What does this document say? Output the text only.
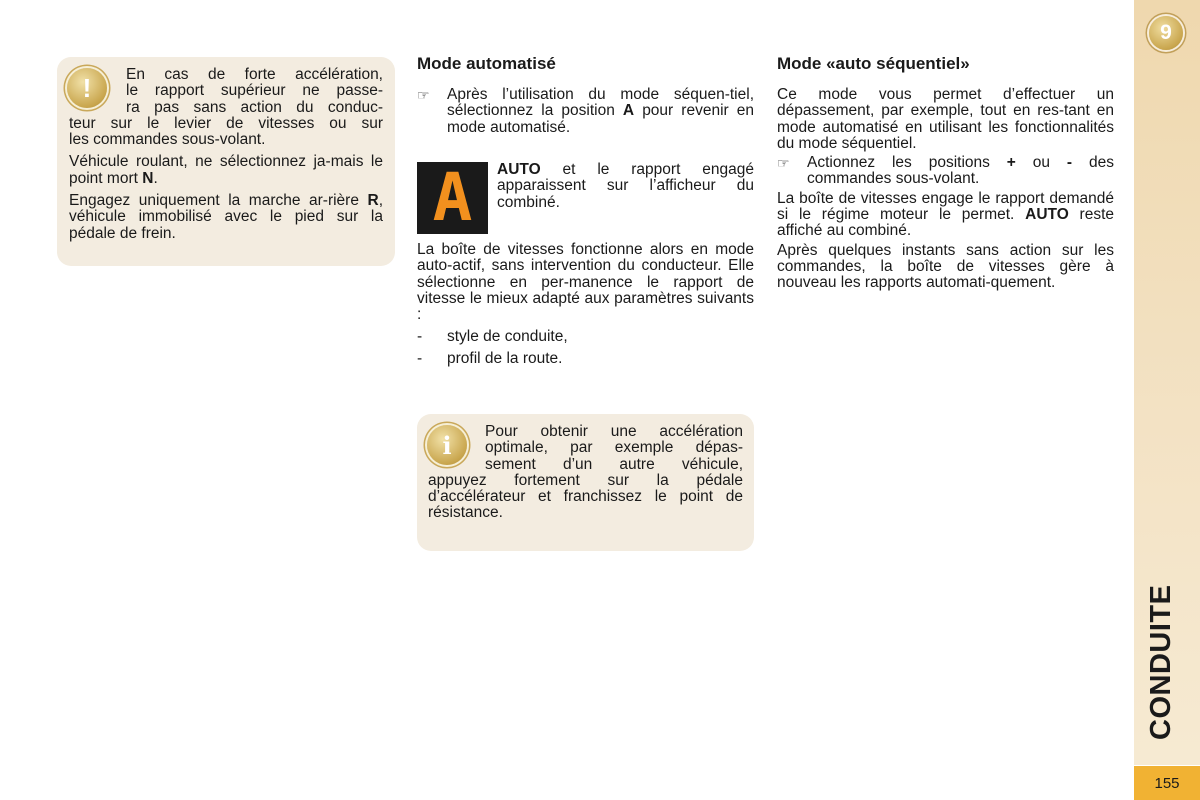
!	En cas de forte accélération,
le rapport supérieur ne passe-
ra pas sans action du conduc-
teur sur le levier de vitesses ou sur

les commandes sous-volant.

Véhicule roulant, ne sélectionnez ja-mais le point mort N.

Engagez uniquement la marche ar-rière R, véhicule immobilisé avec le pied sur la pédale de frein.

Mode automatisé
☞	Après l’utilisation du mode séquen-tiel, sélectionnez la position A pour revenir en mode automatisé.
A AUTO et le rapport engagé apparaissent sur l’afficheur du combiné.

La boîte de vitesses fonctionne alors en mode auto-actif, sans intervention du conducteur. Elle sélectionne en per-manence le rapport de vitesse le mieux adapté aux paramètres suivants :

-	style de conduite,
-	profil de la route.
i	Pour obtenir une accélération
optimale, par exemple dépas-
sement d’un autre véhicule,
appuyez fortement sur la pédale d’accélérateur et franchissez le point de résistance.
Mode «auto séquentiel»

Ce mode vous permet d’effectuer un dépassement, par exemple, tout en res-tant en mode automatisé en utilisant les fonctionnalités du mode séquentiel.

☞	Actionnez les positions + ou - des commandes sous-volant.

La boîte de vitesses engage le rapport demandé si le régime moteur le permet. AUTO reste affiché au combiné.

Après quelques instants sans action sur les commandes, la boîte de vitesses gère à nouveau les rapports automati-quement.

9
CONDUITE
155
